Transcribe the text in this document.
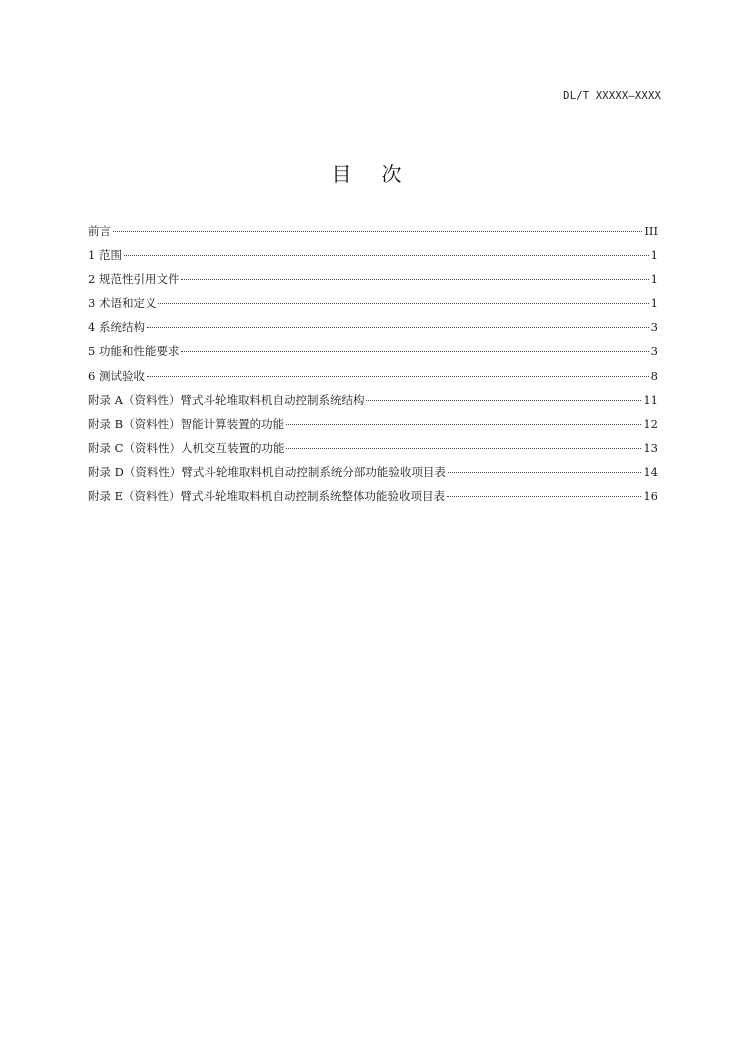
DL/T XXXXX—XXXX
目次
前言	III
1 范围	1
2 规范性引用文件	1
3 术语和定义	1
4 系统结构	3
5 功能和性能要求	3
6 测试验收	8
附录 A（资料性）臂式斗轮堆取料机自动控制系统结构	11
附录 B（资料性）智能计算装置的功能	12
附录 C（资料性）人机交互装置的功能	13
附录 D（资料性）臂式斗轮堆取料机自动控制系统分部功能验收项目表	14
附录 E（资料性）臂式斗轮堆取料机自动控制系统整体功能验收项目表	16
